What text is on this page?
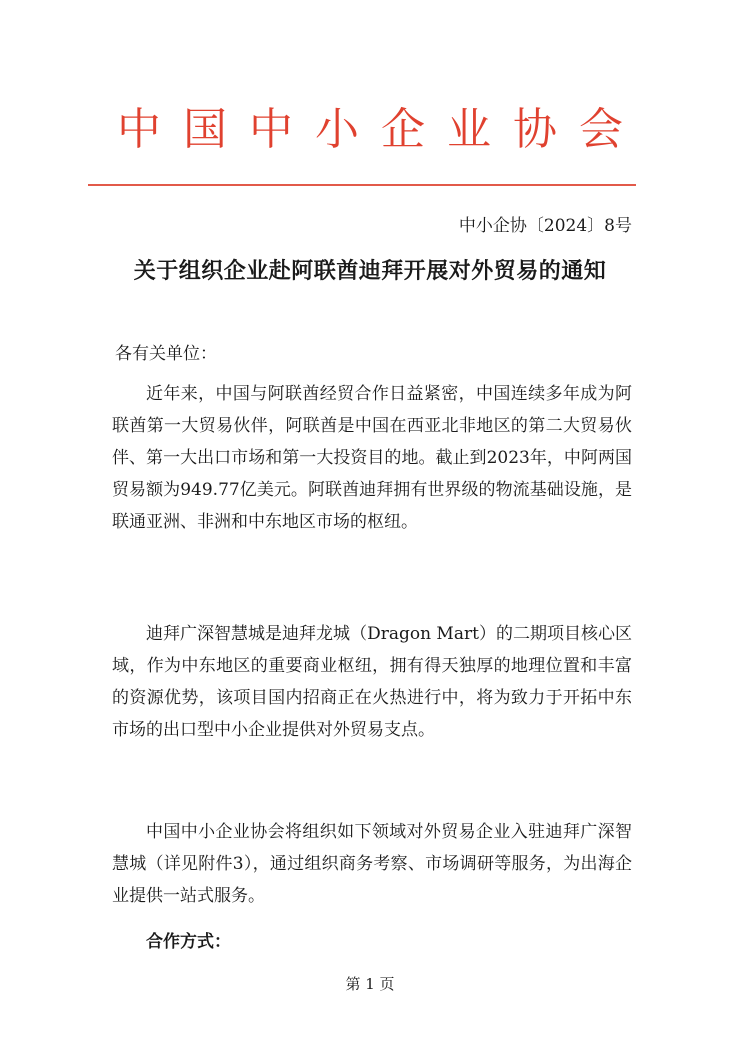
中国中小企业协会
中小企协〔2024〕8号
关于组织企业赴阿联酋迪拜开展对外贸易的通知
各有关单位：

近年来，中国与阿联酋经贸合作日益紧密，中国连续多年成为阿联酋第一大贸易伙伴，阿联酋是中国在西亚北非地区的第二大贸易伙伴、第一大出口市场和第一大投资目的地。截止到2023年，中阿两国贸易额为949.77亿美元。阿联酋迪拜拥有世界级的物流基础设施，是联通亚洲、非洲和中东地区市场的枢纽。

迪拜广深智慧城是迪拜龙城（Dragon Mart）的二期项目核心区域，作为中东地区的重要商业枢纽，拥有得天独厚的地理位置和丰富的资源优势，该项目国内招商正在火热进行中，将为致力于开拓中东市场的出口型中小企业提供对外贸易支点。

中国中小企业协会将组织如下领域对外贸易企业入驻迪拜广深智慧城（详见附件3），通过组织商务考察、市场调研等服务，为出海企业提供一站式服务。

合作方式：
第 1 页
